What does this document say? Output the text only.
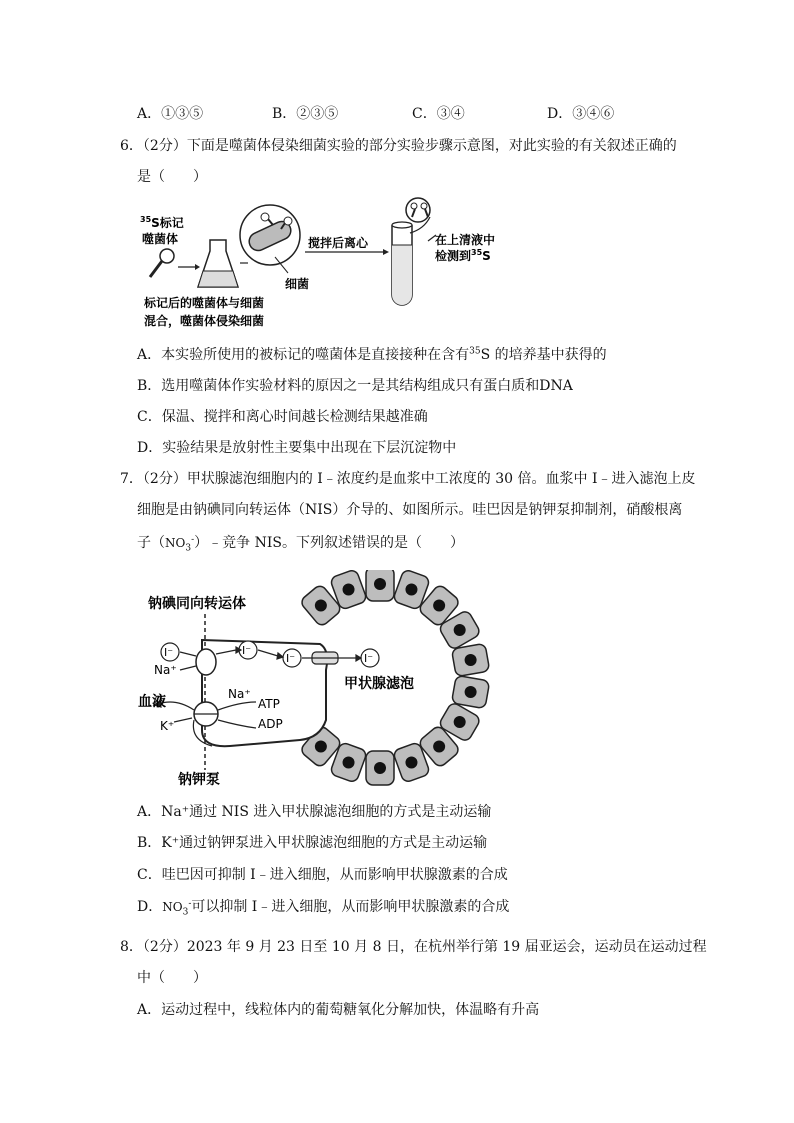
A．①③⑤	B．②③⑤	C．③④	D．③④⑥
6．（2分）下面是噬菌体侵染细菌实验的部分实验步骤示意图，对此实验的有关叙述正确的
是（　　）
$^{35}$S标记
噬菌体
细菌
搅拌后离心	在上清液中
检测到$^{35}$S
标记后的噬菌体与细菌
混合，噬菌体侵染细菌
A．本实验所使用的被标记的噬菌体是直接接种在含有$^{35}$S 的培养基中获得的
B．选用噬菌体作实验材料的原因之一是其结构组成只有蛋白质和DNA
C．保温、搅拌和离心时间越长检测结果越准确
D．实验结果是放射性主要集中出现在下层沉淀物中
7．（2分）甲状腺滤泡细胞内的 I﹣浓度约是血浆中工浓度的 30 倍。血浆中 I﹣进入滤泡上皮
细胞是由钠碘同向转运体（NIS）介导的、如图所示。哇巴因是钠钾泵抑制剂，硝酸根离
子$(NO_3^-)﹣$竞争 NIS。下列叙述错误的是（　　）
钠碘同向转运体
I⁻	I⁻
I⁻	I⁻
Na⁺
血液
K⁺
Na⁺
ATP
ADP
甲状腺滤泡
钠钾泵
A．Na⁺通过 NIS 进入甲状腺滤泡细胞的方式是主动运输
B．K⁺通过钠钾泵进入甲状腺滤泡细胞的方式是主动运输
C．哇巴因可抑制 I﹣进入细胞，从而影响甲状腺激素的合成
D．$NO_3^-$可以抑制 I﹣进入细胞，从而影响甲状腺激素的合成
8．（2分）2023 年 9 月 23 日至 10 月 8 日，在杭州举行第 19 届亚运会，运动员在运动过程
中（　　）
A．运动过程中，线粒体内的葡萄糖氧化分解加快，体温略有升高
